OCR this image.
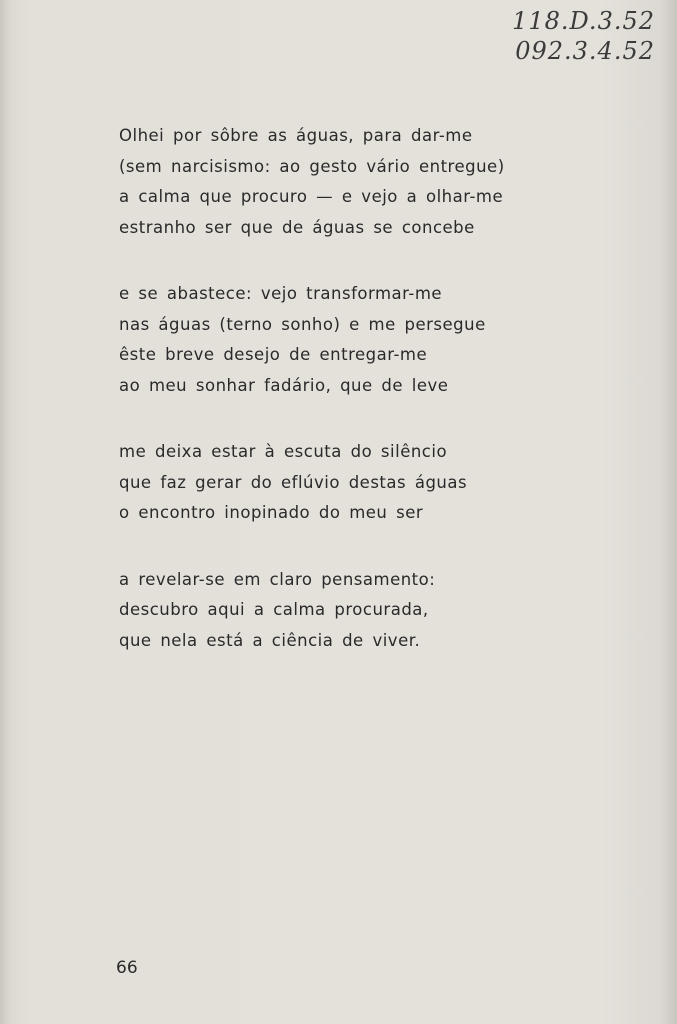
118.D.3.52
092.3.4.52
Olhei por sôbre as águas, para dar-me
(sem narcisismo: ao gesto vário entregue)
a calma que procuro — e vejo a olhar-me
estranho ser que de águas se concebe
e se abastece: vejo transformar-me
nas águas (terno sonho) e me persegue
êste breve desejo de entregar-me
ao meu sonhar fadário, que de leve
me deixa estar à escuta do silêncio
que faz gerar do eflúvio destas águas
o encontro inopinado do meu ser
a revelar-se em claro pensamento:
descubro aqui a calma procurada,
que nela está a ciência de viver.
66
